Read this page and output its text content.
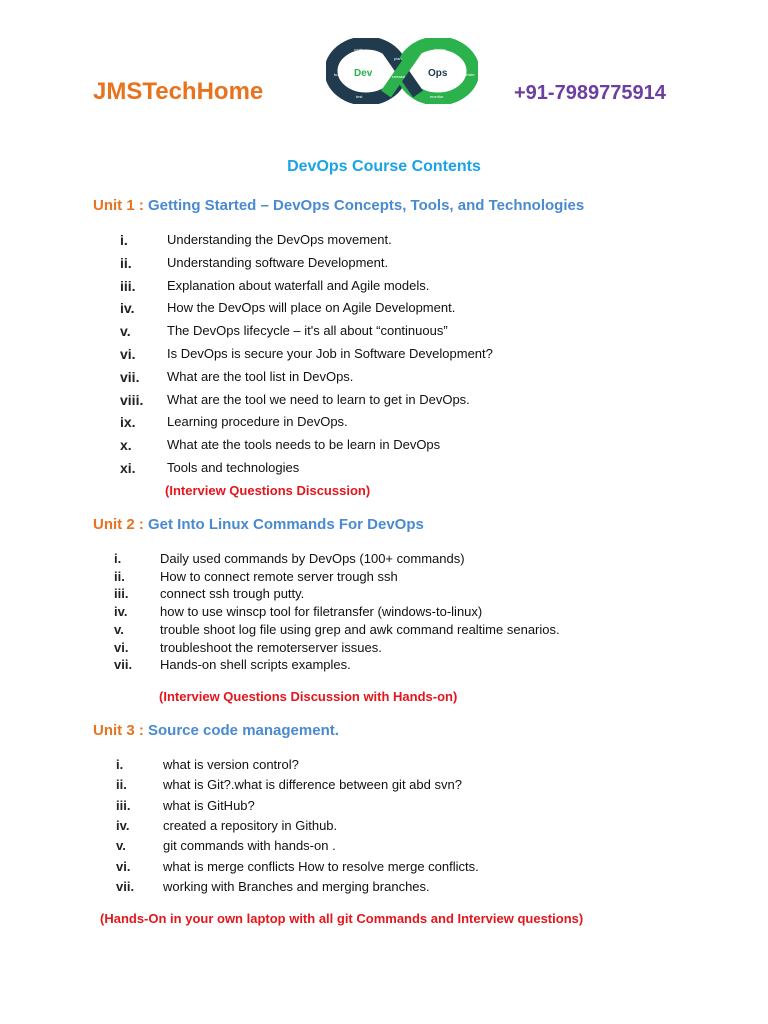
JMSTechHome
Dev	Ops
code
build
test
release
deploy
operate
monitor
plan
+91-7989775914
DevOps Course Contents
Unit 1 : Getting Started – DevOps Concepts, Tools, and Technologies
i.	Understanding the DevOps movement.
ii.	Understanding software Development.
iii. Explanation about waterfall and Agile models.
iv. How the DevOps will place on Agile Development.
v.	The DevOps lifecycle – it's all about “continuous”
vi. Is DevOps is secure your Job in Software Development?
vii. What are the tool list in DevOps.
viii. What are the tool we need to learn to get in DevOps.
ix. Learning procedure in DevOps.
x.	What ate the tools needs to be learn in DevOps
xi. Tools and technologies
(Interview Questions Discussion)
Unit 2 : Get Into Linux Commands For DevOps
i.	Daily used commands by DevOps (100+ commands)
ii.	How to connect remote server trough ssh
iii. connect ssh trough putty.
iv.	how to use winscp tool for filetransfer (windows-to-linux)
v.	trouble shoot log file using grep and awk command realtime senarios.
vi. troubleshoot the remoterserver issues.
vii. Hands-on shell scripts examples.
(Interview Questions Discussion with Hands-on)
Unit 3 : Source code management.
i.	what is version control?
ii.	what is Git?.what is difference between git abd svn?
iii.	what is GitHub?
iv.	created a repository in Github.
v.	git commands with hands-on .
vi.	what is merge conflicts How to resolve merge conflicts.
vii. working with Branches and merging branches.
(Hands-On in your own laptop with all git Commands and Interview questions)
